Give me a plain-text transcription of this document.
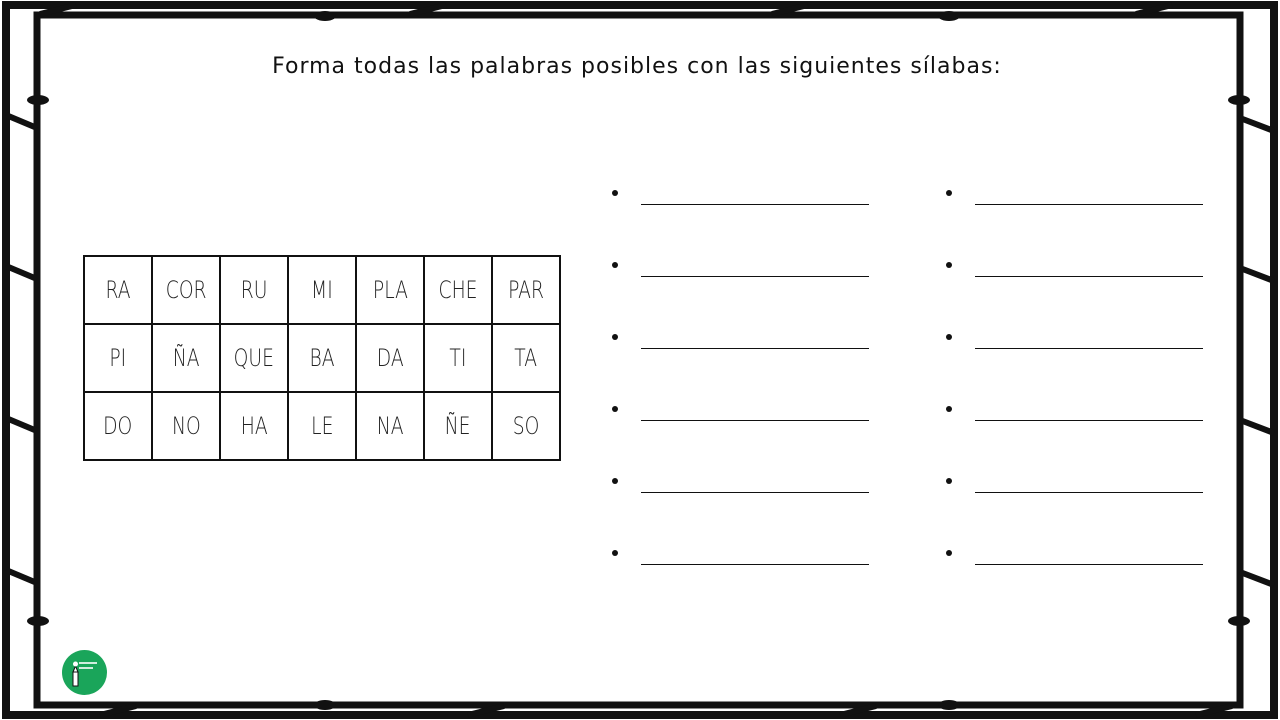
Forma todas las palabras posibles con las siguientes sílabas:
RA	COR	RU	MI	PLA	CHE	PAR
PI	ÑA	QUE	BA	DA	TI	TA
DO	NO	HA	LE	NA	ÑE	SO
